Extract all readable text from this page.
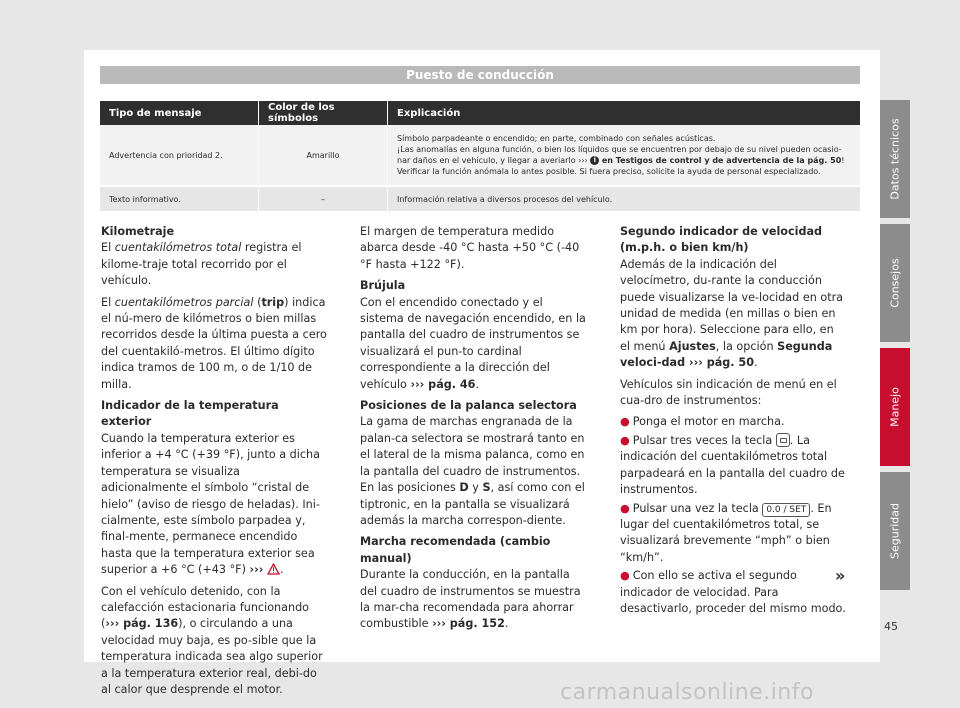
Puesto de conducción
Tipo de mensaje	Color de los símbolos	Explicación
Advertencia con prioridad 2.	Amarillo	Símbolo parpadeante o encendido; en parte, combinado con señales acústicas.
¡Las anomalías en alguna función, o bien los líquidos que se encuentren por debajo de su nivel pueden ocasio-nar daños en el vehículo, y llegar a averiarlo ››› i en Testigos de control y de advertencia de la pág. 50!
Verificar la función anómala lo antes posible. Si fuera preciso, solicite la ayuda de personal especializado.
Texto informativo.	–	Información relativa a diversos procesos del vehículo.
Kilometraje

El cuentakilómetros total registra el kilome-traje total recorrido por el vehículo.

El cuentakilómetros parcial (trip) indica el nú-mero de kilómetros o bien millas recorridos desde la última puesta a cero del cuentakiló-metros. El último dígito indica tramos de 100 m, o de 1/10 de milla.

Indicador de la temperatura exterior

Cuando la temperatura exterior es inferior a +4 °C (+39 °F), junto a dicha temperatura se visualiza adicionalmente el símbolo “cristal de hielo” (aviso de riesgo de heladas). Ini-cialmente, este símbolo parpadea y, final-mente, permanece encendido hasta que la temperatura exterior sea superior a +6 °C (+43 °F) ››› .

Con el vehículo detenido, con la calefacción estacionaria funcionando (››› pág. 136), o circulando a una velocidad muy baja, es po-sible que la temperatura indicada sea algo superior a la temperatura exterior real, debi-do al calor que desprende el motor.

El margen de temperatura medido abarca desde -40 °C hasta +50 °C (-40 °F hasta +122 °F).

Brújula

Con el encendido conectado y el sistema de navegación encendido, en la pantalla del cuadro de instrumentos se visualizará el pun-to cardinal correspondiente a la dirección del vehículo ››› pág. 46.

Posiciones de la palanca selectora

La gama de marchas engranada de la palan-ca selectora se mostrará tanto en el lateral de la misma palanca, como en la pantalla del cuadro de instrumentos. En las posiciones D y S, así como con el tiptronic, en la pantalla se visualizará además la marcha correspon-diente.

Marcha recomendada (cambio manual)

Durante la conducción, en la pantalla del cuadro de instrumentos se muestra la mar-cha recomendada para ahorrar combustible ››› pág. 152.

Segundo indicador de velocidad (m.p.h. o bien km/h)

Además de la indicación del velocímetro, du-rante la conducción puede visualizarse la ve-locidad en otra unidad de medida (en millas o bien en km por hora). Seleccione para ello, en el menú Ajustes, la opción Segunda veloci-dad ››› pág. 50.

Vehículos sin indicación de menú en el cua-dro de instrumentos:

● Ponga el motor en marcha.

● Pulsar tres veces la tecla . La indicación del cuentakilómetros total parpadeará en la pantalla del cuadro de instrumentos.

● Pulsar una vez la tecla 0.0 / SET . En lugar del cuentakilómetros total, se visualizará brevemente “mph” o bien “km/h”.

● Con ello se activa el segundo indicador de velocidad. Para desactivarlo, proceder del mismo modo.

»
Datos técnicos
Consejos
Manejo
Seguridad
45
carmanualsonline.info
